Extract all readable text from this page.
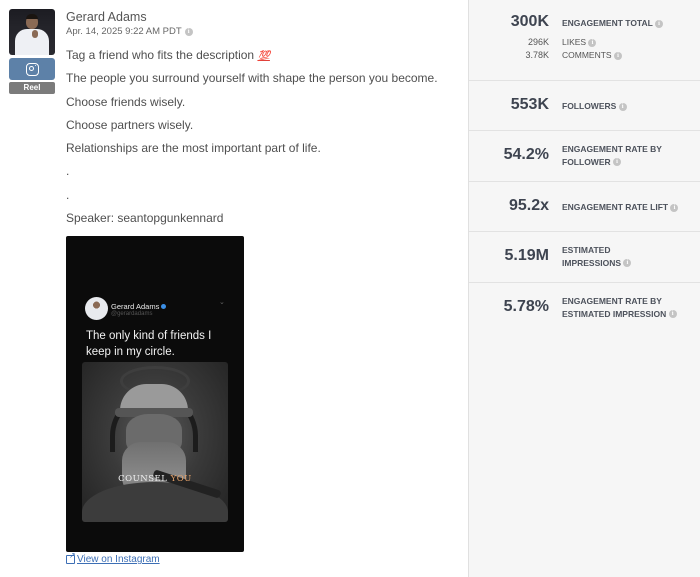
Reel
Gerard Adams
Apr. 14, 2025 9:22 AM PDT i

Tag a friend who fits the description 💯

The people you surround yourself with shape the person you become.

Choose friends wisely.

Choose partners wisely.

Relationships are the most important part of life.

.

.

Speaker: seantopgunkennard

Gerard Adams
@gerardadams
⌄
The only kind of friends I keep in my circle.
COUNSEL YOU
↗
View on Instagram
300K ENGAGEMENT TOTAL i
296K LIKES i
3.78K COMMENTS i
553K FOLLOWERS i
54.2% ENGAGEMENT RATE BY FOLLOWER i
95.2x ENGAGEMENT RATE LIFT i
5.19M ESTIMATED IMPRESSIONS i
5.78% ENGAGEMENT RATE BY ESTIMATED IMPRESSION i
